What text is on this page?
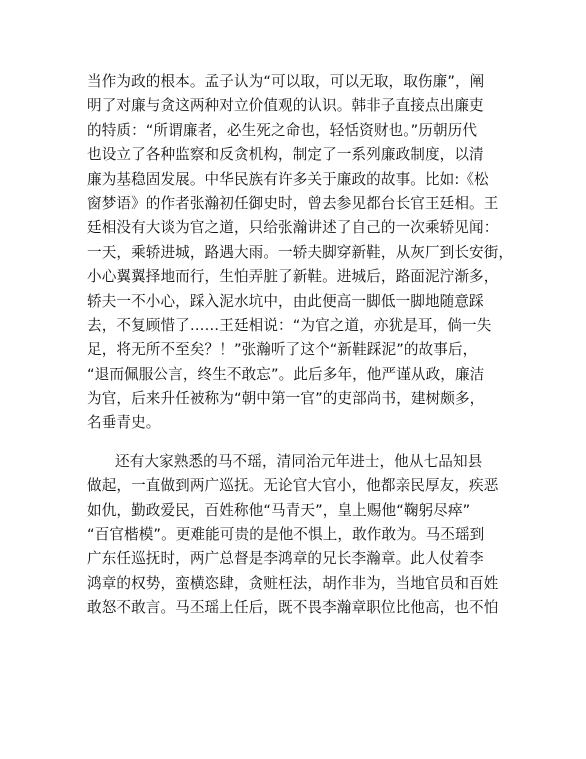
当作为政的根本。孟子认为“可以取，可以无取，取伤廉”，阐
明了对廉与贪这两种对立价值观的认识。韩非子直接点出廉吏
的特质：“所谓廉者，必生死之命也，轻恬资财也。”历朝历代
也设立了各种监察和反贪机构，制定了一系列廉政制度，以清
廉为基稳固发展。中华民族有许多关于廉政的故事。比如:《松
窗梦语》的作者张瀚初任御史时，曾去参见都台长官王廷相。王
廷相没有大谈为官之道，只给张瀚讲述了自己的一次乘轿见闻：
一天，乘轿进城，路遇大雨。一轿夫脚穿新鞋，从灰厂到长安街，
小心翼翼择地而行，生怕弄脏了新鞋。进城后，路面泥泞渐多，
轿夫一不小心，踩入泥水坑中，由此便高一脚低一脚地随意踩
去，不复顾惜了……王廷相说：“为官之道，亦犹是耳，倘一失
足，将无所不至矣？！”张瀚听了这个“新鞋踩泥”的故事后，
“退而佩服公言，终生不敢忘”。此后多年，他严谨从政，廉洁
为官，后来升任被称为“朝中第一官”的吏部尚书，建树颇多，
名垂青史。
还有大家熟悉的马不瑶，清同治元年进士，他从七品知县
做起，一直做到两广巡抚。无论官大官小，他都亲民厚友，疾恶
如仇，勤政爱民，百姓称他“马青天”，皇上赐他“鞠躬尽瘁”
“百官楷模”。更难能可贵的是他不惧上，敢作敢为。马丕瑶到
广东任巡抚时，两广总督是李鸿章的兄长李瀚章。此人仗着李
鸿章的权势，蛮横恣肆，贪赃枉法，胡作非为，当地官员和百姓
敢怒不敢言。马丕瑶上任后，既不畏李瀚章职位比他高，也不怕
